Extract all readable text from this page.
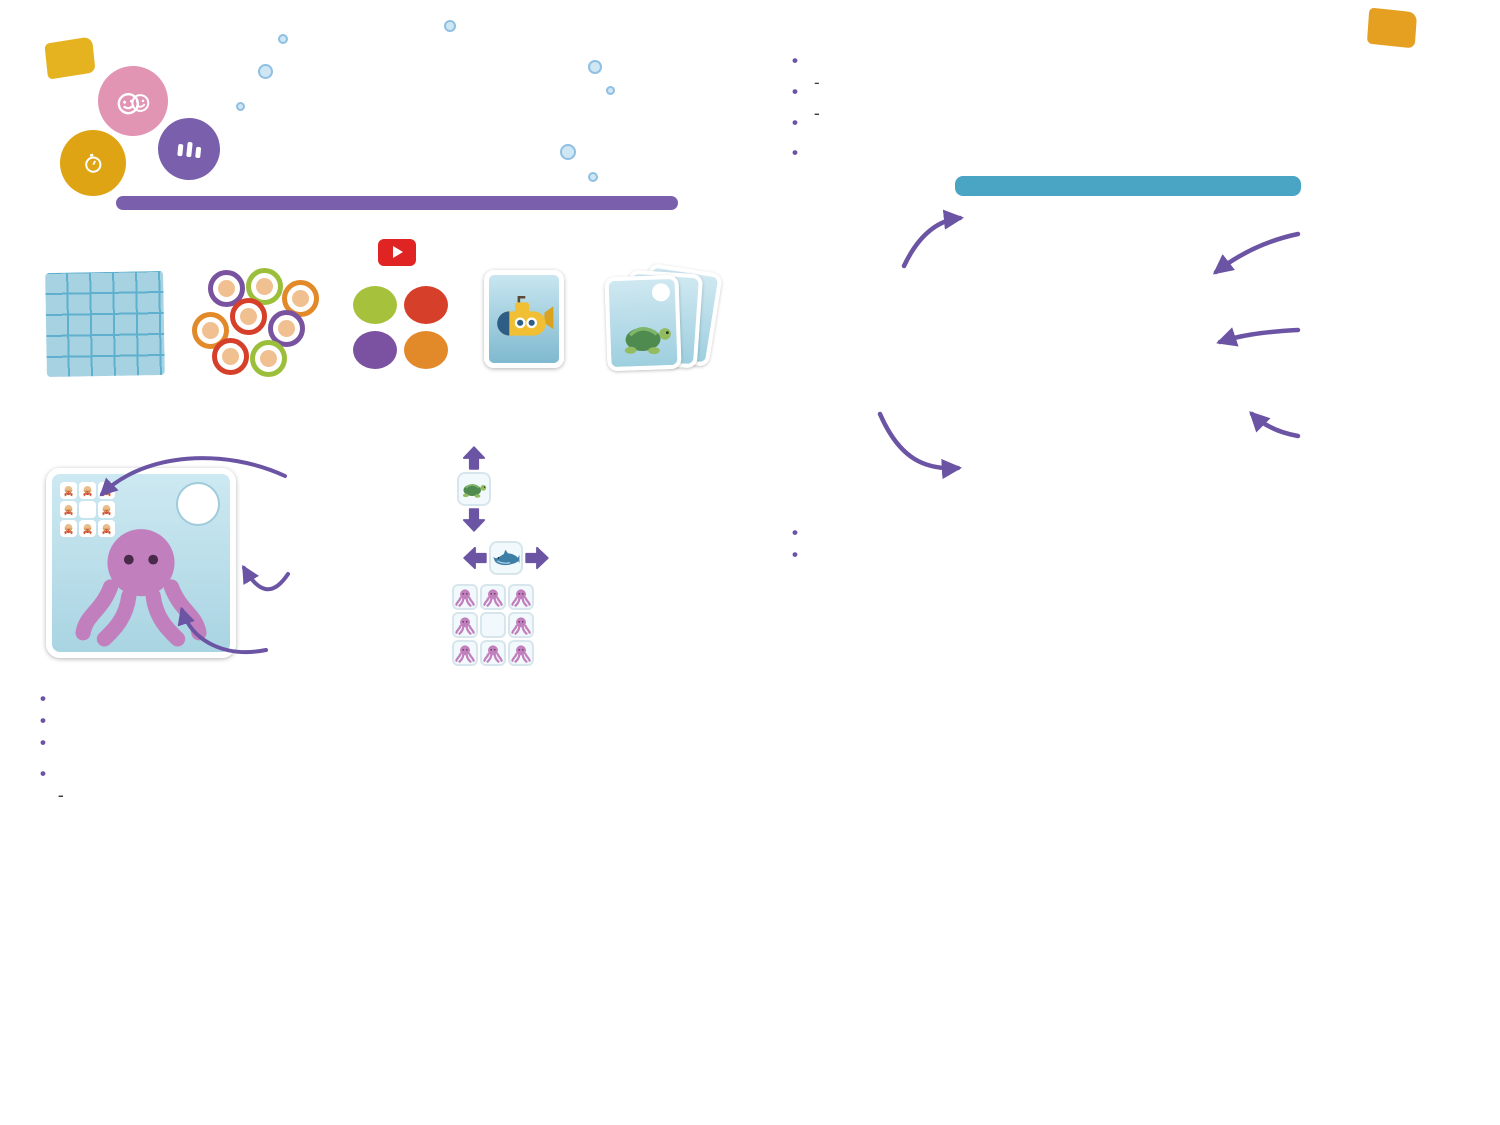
•

•

•

•

•

•

•

•

•

•
